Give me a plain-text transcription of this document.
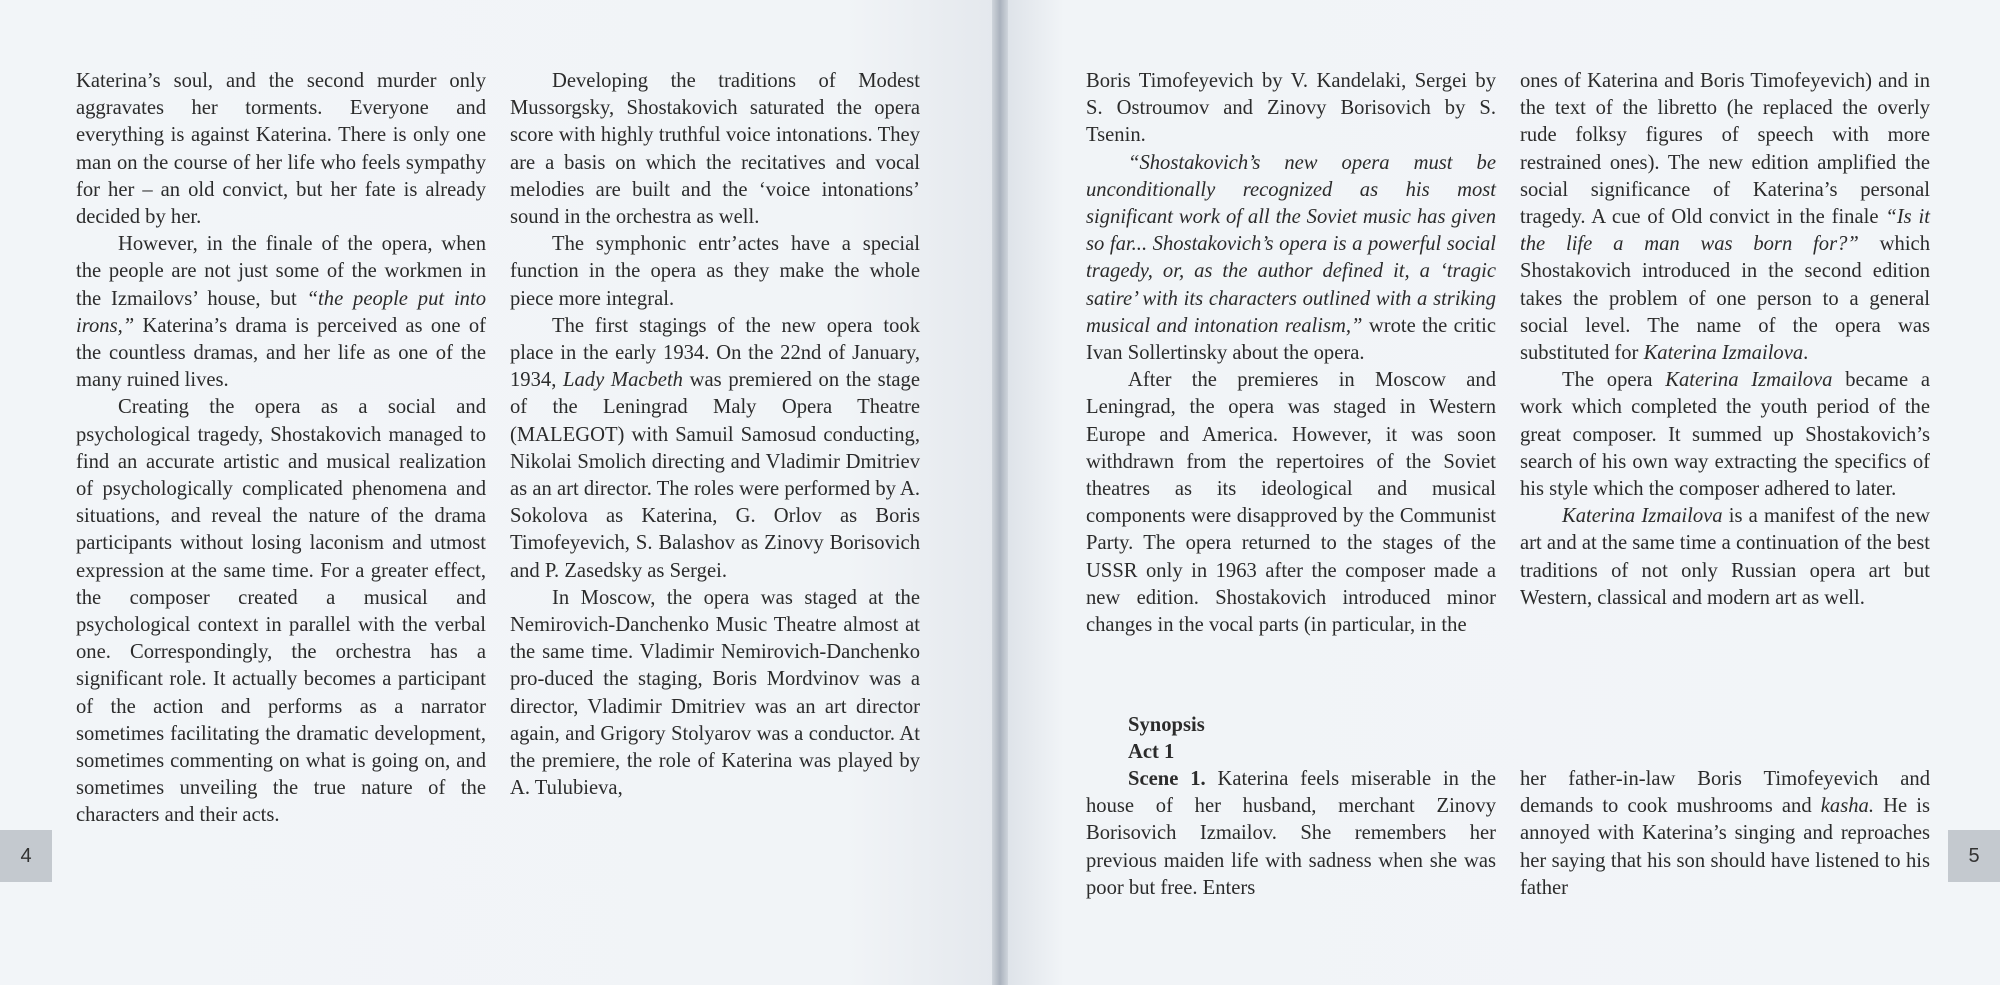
Katerina’s soul, and the second murder only aggravates her torments. Everyone and everything is against Katerina. There is only one man on the course of her life who feels sympathy for her – an old convict, but her fate is already decided by her.

However, in the finale of the opera, when the people are not just some of the workmen in the Izmailovs’ house, but “the people put into irons,” Katerina’s drama is perceived as one of the countless dramas, and her life as one of the many ruined lives.

Creating the opera as a social and psychological tragedy, Shostakovich managed to find an accurate artistic and musical realization of psychologically complicated phenomena and situations, and reveal the nature of the drama participants without losing laconism and utmost expression at the same time. For a greater effect, the composer created a musical and psychological context in parallel with the verbal one. Correspondingly, the orchestra has a significant role. It actually becomes a participant of the action and performs as a narrator sometimes facilitating the dramatic development, sometimes commenting on what is going on, and sometimes unveiling the true nature of the characters and their acts.

Developing the traditions of Modest Mussorgsky, Shostakovich saturated the opera score with highly truthful voice intonations. They are a basis on which the recitatives and vocal melodies are built and the ‘voice intonations’ sound in the orchestra as well.

The symphonic entr’actes have a special function in the opera as they make the whole piece more integral.

The first stagings of the new opera took place in the early 1934. On the 22nd of January, 1934, Lady Macbeth was premiered on the stage of the Leningrad Maly Opera Theatre (MALEGOT) with Samuil Samosud conducting, Nikolai Smolich directing and Vladimir Dmitriev as an art director. The roles were performed by A. Sokolova as Katerina, G. Orlov as Boris Timofeyevich, S. Balashov as Zinovy Borisovich and P. Zasedsky as Sergei.

In Moscow, the opera was staged at the Nemirovich-Danchenko Music Theatre almost at the same time. Vladimir Nemirovich-Danchenko pro-duced the staging, Boris Mordvinov was a director, Vladimir Dmitriev was an art director again, and Grigory Stolyarov was a conductor. At the premiere, the role of Katerina was played by A. Tulubieva,

Boris Timofeyevich by V. Kandelaki, Sergei by S. Ostroumov and Zinovy Borisovich by S. Tsenin.

“Shostakovich’s new opera must be unconditionally recognized as his most significant work of all the Soviet music has given so far... Shostakovich’s opera is a powerful social tragedy, or, as the author defined it, a ‘tragic satire’ with its characters outlined with a striking musical and intonation realism,” wrote the critic Ivan Sollertinsky about the opera.

After the premieres in Moscow and Leningrad, the opera was staged in Western Europe and America. However, it was soon withdrawn from the repertoires of the Soviet theatres as its ideological and musical components were disapproved by the Communist Party. The opera returned to the stages of the USSR only in 1963 after the composer made a new edition. Shostakovich introduced minor changes in the vocal parts (in particular, in the

ones of Katerina and Boris Timofeyevich) and in the text of the libretto (he replaced the overly rude folksy figures of speech with more restrained ones). The new edition amplified the social significance of Katerina’s personal tragedy. A cue of Old convict in the finale “Is it the life a man was born for?” which Shostakovich introduced in the second edition takes the problem of one person to a general social level. The name of the opera was substituted for Katerina Izmailova.

The opera Katerina Izmailova became a work which completed the youth period of the great composer. It summed up Shostakovich’s search of his own way extracting the specifics of his style which the composer adhered to later.

Katerina Izmailova is a manifest of the new art and at the same time a continuation of the best traditions of not only Russian opera art but Western, classical and modern art as well.

Synopsis

Act 1

Scene 1. Katerina feels miserable in the house of her husband, merchant Zinovy Borisovich Izmailov. She remembers her previous maiden life with sadness when she was poor but free. Enters

her father-in-law Boris Timofeyevich and demands to cook mushrooms and kasha. He is annoyed with Katerina’s singing and reproaches her saying that his son should have listened to his father

4	5
